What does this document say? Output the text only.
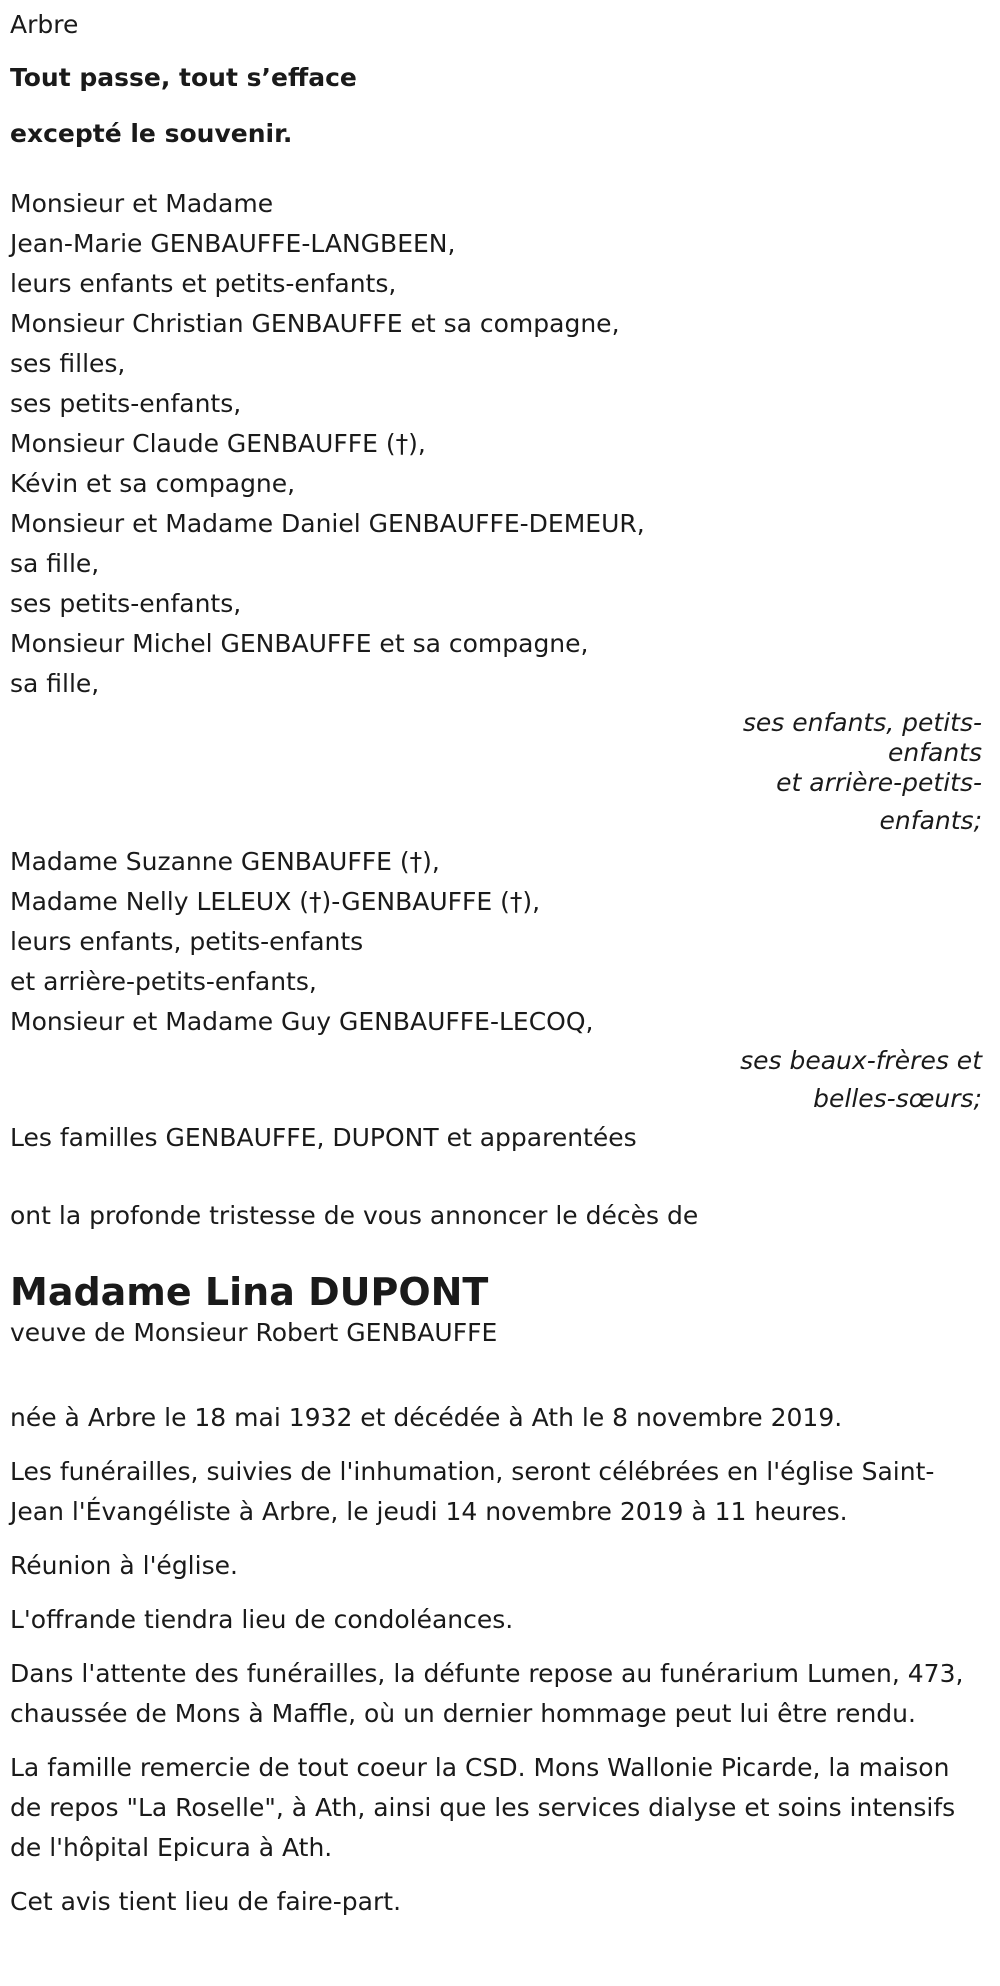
Arbre
Tout passe, tout s’efface
excepté le souvenir.
Monsieur et Madame
Jean-Marie GENBAUFFE-LANGBEEN,
leurs enfants et petits-enfants,
Monsieur Christian GENBAUFFE et sa compagne,
ses filles,
ses petits-enfants,
Monsieur Claude GENBAUFFE (†),
Kévin et sa compagne,
Monsieur et Madame Daniel GENBAUFFE-DEMEUR,
sa fille,
ses petits-enfants,
Monsieur Michel GENBAUFFE et sa compagne,
sa fille,
ses enfants, petits-
enfants
et arrière-petits-
enfants;
Madame Suzanne GENBAUFFE (†),
Madame Nelly LELEUX (†)-GENBAUFFE (†),
leurs enfants, petits-enfants
et arrière-petits-enfants,
Monsieur et Madame Guy GENBAUFFE-LECOQ,
ses beaux-frères et
belles-sœurs;
Les familles GENBAUFFE, DUPONT et apparentées
ont la profonde tristesse de vous annoncer le décès de
Madame Lina DUPONT
veuve de Monsieur Robert GENBAUFFE

née à Arbre le 18 mai 1932 et décédée à Ath le 8 novembre 2019.

Les funérailles, suivies de l'inhumation, seront célébrées en l'église Saint-Jean l'Évangéliste à Arbre, le jeudi 14 novembre 2019 à 11 heures.

Réunion à l'église.

L'offrande tiendra lieu de condoléances.

Dans l'attente des funérailles, la défunte repose au funérarium Lumen, 473, chaussée de Mons à Maffle, où un dernier hommage peut lui être rendu.

La famille remercie de tout coeur la CSD. Mons Wallonie Picarde, la maison de repos "La Roselle", à Ath, ainsi que les services dialyse et soins intensifs de l'hôpital Epicura à Ath.

Cet avis tient lieu de faire-part.
